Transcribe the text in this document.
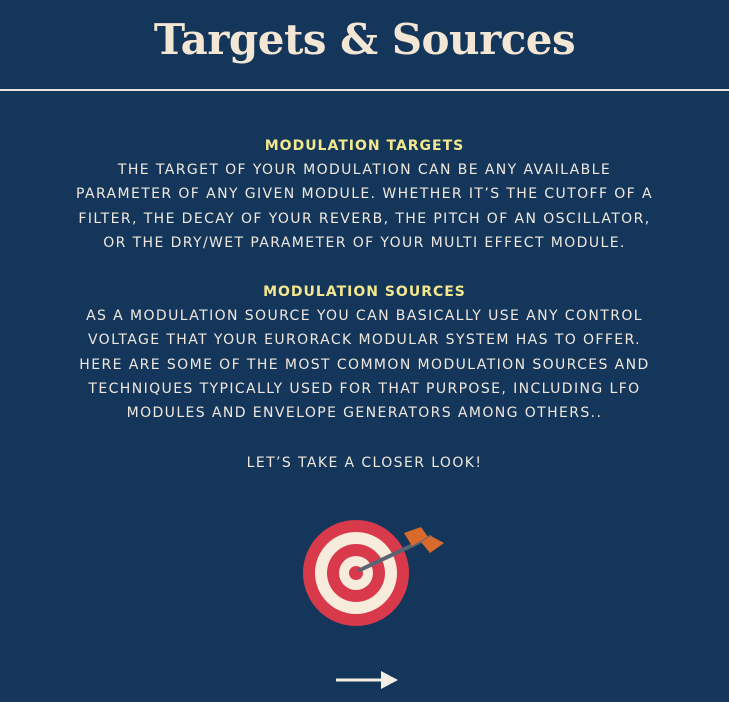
Targets & Sources

MODULATION TARGETS

THE TARGET OF YOUR MODULATION CAN BE ANY AVAILABLE PARAMETER OF ANY GIVEN MODULE. WHETHER IT’S THE CUTOFF OF A FILTER, THE DECAY OF YOUR REVERB, THE PITCH OF AN OSCILLATOR, OR THE DRY/WET PARAMETER OF YOUR MULTI EFFECT MODULE.

MODULATION SOURCES

AS A MODULATION SOURCE YOU CAN BASICALLY USE ANY CONTROL VOLTAGE THAT YOUR EURORACK MODULAR SYSTEM HAS TO OFFER. HERE ARE SOME OF THE MOST COMMON MODULATION SOURCES AND TECHNIQUES TYPICALLY USED FOR THAT PURPOSE, INCLUDING LFO MODULES AND ENVELOPE GENERATORS AMONG OTHERS..

LET’S TAKE A CLOSER LOOK!
